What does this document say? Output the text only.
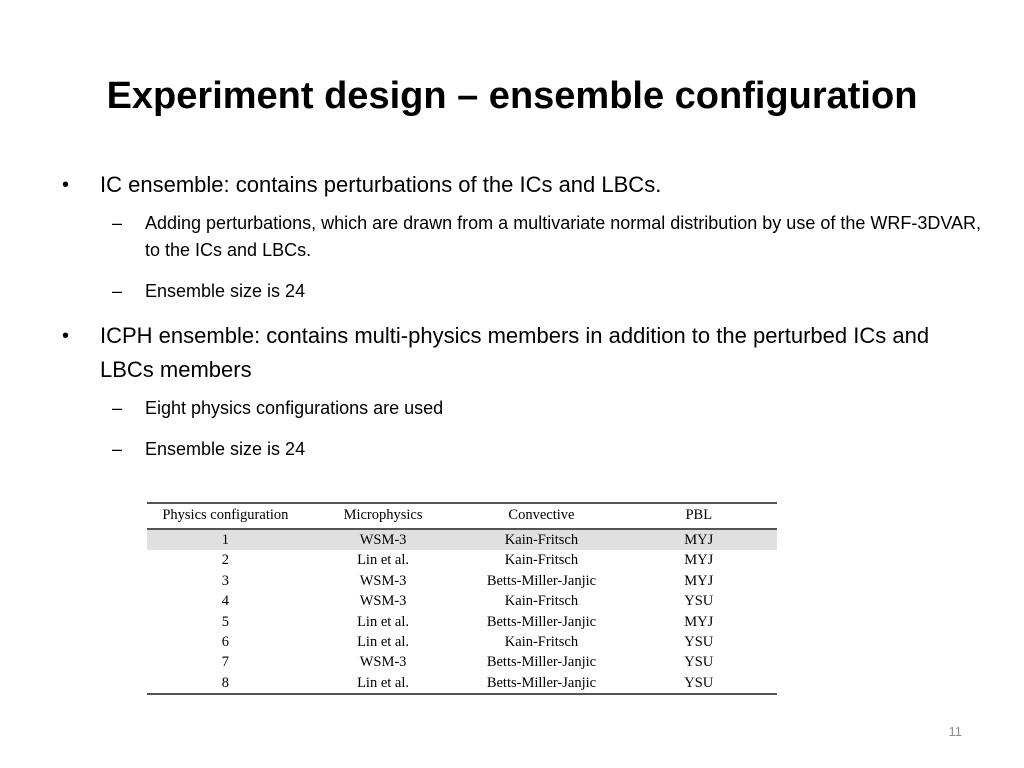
Experiment design – ensemble configuration
• IC ensemble: contains perturbations of the ICs and LBCs.
– Adding perturbations, which are drawn from a multivariate normal distribution by use of the WRF-3DVAR, to the ICs and LBCs.
– Ensemble size is 24
• ICPH ensemble: contains multi-physics members in addition to the perturbed ICs and LBCs members
– Eight physics configurations are used
– Ensemble size is 24
Physics configuration	Microphysics	Convective	PBL
1	WSM-3	Kain-Fritsch	MYJ
2	Lin et al.	Kain-Fritsch	MYJ
3	WSM-3	Betts-Miller-Janjic	MYJ
4	WSM-3	Kain-Fritsch	YSU
5	Lin et al.	Betts-Miller-Janjic	MYJ
6	Lin et al.	Kain-Fritsch	YSU
7	WSM-3	Betts-Miller-Janjic	YSU
8	Lin et al.	Betts-Miller-Janjic	YSU
11
